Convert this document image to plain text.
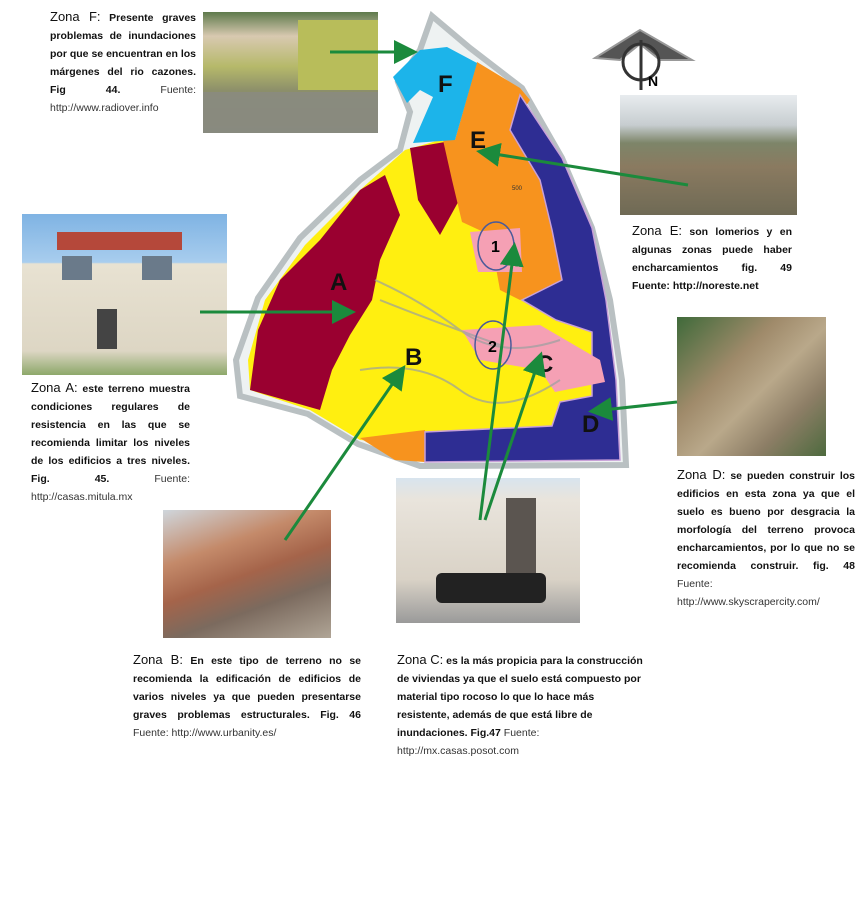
1
2
A
B	C
D
E
F
500
N
Zona F: Presente graves problemas de inundaciones por que se encuentran en los márgenes del rio cazones. Fig 44.	Fuente: http://www.radiover.info
Zona A: este terreno muestra condiciones regulares de resistencia en las que se recomienda limitar los niveles de los edificios a tres niveles. Fig. 45.	Fuente: http://casas.mitula.mx
Zona E: son lomerios y en algunas zonas puede haber encharcamientos fig. 49 Fuente: http://noreste.net
Zona D: se pueden construir los edificios en esta zona ya que el suelo es bueno por desgracia la morfología del terreno provoca encharcamientos, por lo que no se recomienda construir. fig. 48 Fuente: http://www.skyscrapercity.com/
Zona B: En este tipo de terreno no se recomienda la edificación de edificios de varios niveles ya que pueden presentarse graves problemas estructurales. Fig. 46 Fuente: http://www.urbanity.es/
Zona C: es la más propicia para la construcción de viviendas ya que el suelo está compuesto por material tipo rocoso lo que lo hace más resistente, además de que está libre de inundaciones. Fig.47 Fuente: http://mx.casas.posot.com
